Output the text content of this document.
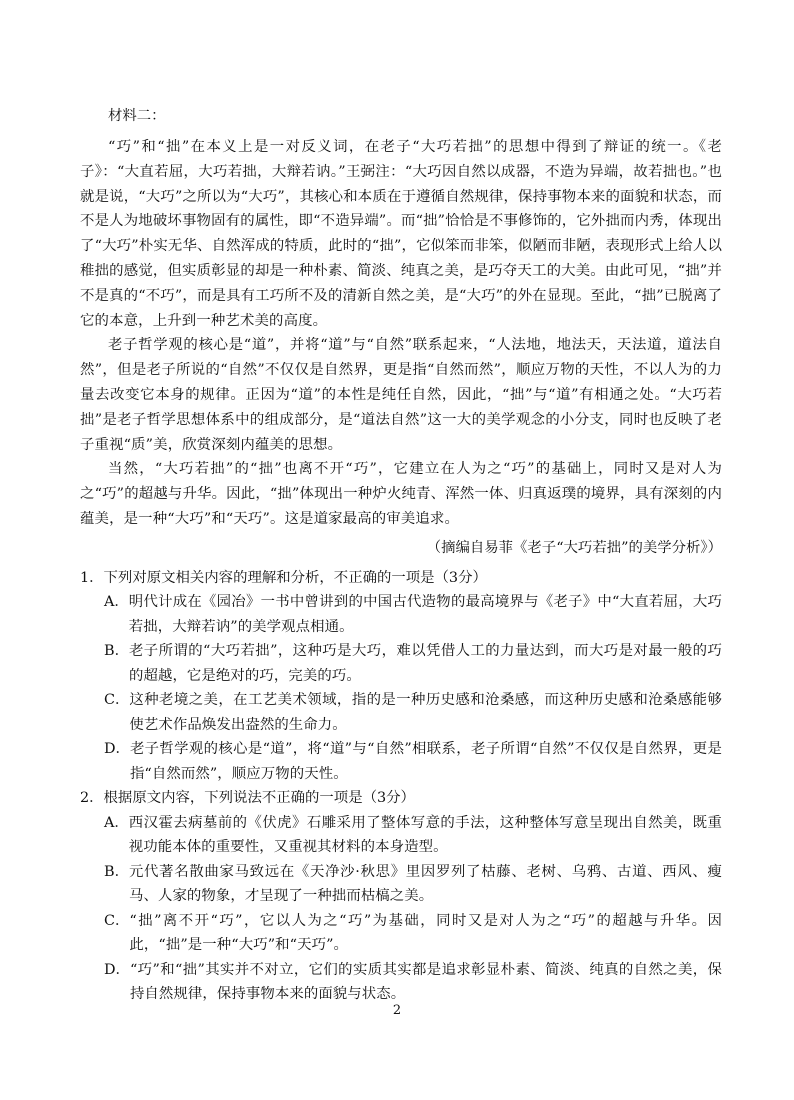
材料二：

“巧”和“拙”在本义上是一对反义词，在老子“大巧若拙”的思想中得到了辩证的统一。《老子》：“大直若屈，大巧若拙，大辩若讷。”王弼注：“大巧因自然以成器，不造为异端，故若拙也。”也就是说，“大巧”之所以为“大巧”，其核心和本质在于遵循自然规律，保持事物本来的面貌和状态，而不是人为地破坏事物固有的属性，即“不造异端”。而“拙”恰恰是不事修饰的，它外拙而内秀，体现出了“大巧”朴实无华、自然浑成的特质，此时的“拙”，它似笨而非笨，似陋而非陋，表现形式上给人以稚拙的感觉，但实质彰显的却是一种朴素、简淡、纯真之美，是巧夺天工的大美。由此可见，“拙”并不是真的“不巧”，而是具有工巧所不及的清新自然之美，是“大巧”的外在显现。至此，“拙”已脱离了它的本意，上升到一种艺术美的高度。

老子哲学观的核心是“道”，并将“道”与“自然”联系起来，“人法地，地法天，天法道，道法自然”，但是老子所说的“自然”不仅仅是自然界，更是指“自然而然”，顺应万物的天性，不以人为的力量去改变它本身的规律。正因为“道”的本性是纯任自然，因此，“拙”与“道”有相通之处。“大巧若拙”是老子哲学思想体系中的组成部分，是“道法自然”这一大的美学观念的小分支，同时也反映了老子重视“质”美，欣赏深刻内蕴美的思想。

当然，“大巧若拙”的“拙”也离不开“巧”，它建立在人为之“巧”的基础上，同时又是对人为之“巧”的超越与升华。因此，“拙”体现出一种炉火纯青、浑然一体、归真返璞的境界，具有深刻的内蕴美，是一种“大巧”和“天巧”。这是道家最高的审美追求。

（摘编自易菲《老子“大巧若拙”的美学分析》）
1．下列对原文相关内容的理解和分析，不正确的一项是（3分）
A． 明代计成在《园冶》一书中曾讲到的中国古代造物的最高境界与《老子》中“大直若屈，大巧若拙，大辩若讷”的美学观点相通。
B． 老子所谓的“大巧若拙”，这种巧是大巧，难以凭借人工的力量达到，而大巧是对最一般的巧的超越，它是绝对的巧，完美的巧。
C． 这种老境之美，在工艺美术领域，指的是一种历史感和沧桑感，而这种历史感和沧桑感能够使艺术作品焕发出盎然的生命力。
D． 老子哲学观的核心是“道”，将“道”与“自然”相联系，老子所谓“自然”不仅仅是自然界，更是指“自然而然”，顺应万物的天性。
2．根据原文内容，下列说法不正确的一项是（3分）
A． 西汉霍去病墓前的《伏虎》石雕采用了整体写意的手法，这种整体写意呈现出自然美，既重视功能本体的重要性，又重视其材料的本身造型。
B． 元代著名散曲家马致远在《天净沙·秋思》里因罗列了枯藤、老树、乌鸦、古道、西风、瘦马、人家的物象，才呈现了一种拙而枯槁之美。
C． “拙”离不开“巧”，它以人为之“巧”为基础，同时又是对人为之“巧”的超越与升华。因此，“拙”是一种“大巧”和“天巧”。
D． “巧”和“拙”其实并不对立，它们的实质其实都是追求彰显朴素、简淡、纯真的自然之美，保持自然规律，保持事物本来的面貌与状态。
2
